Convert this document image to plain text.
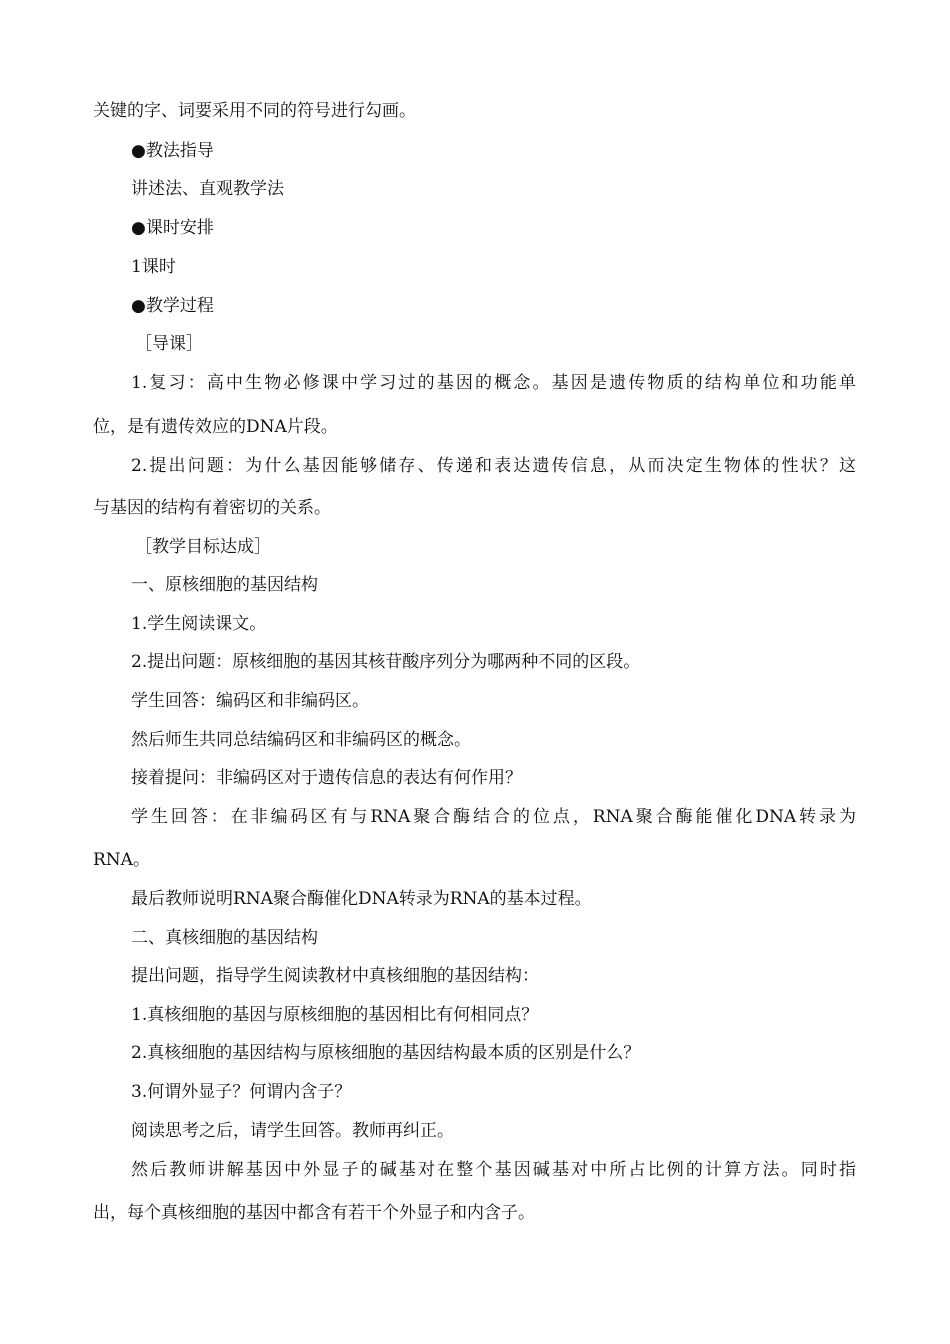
关键的字、词要采用不同的符号进行勾画。
●教法指导
讲述法、直观教学法
●课时安排
1课时
●教学过程
［导课］
1.复习：高中生物必修课中学习过的基因的概念。基因是遗传物质的结构单位和功能单
位，是有遗传效应的DNA片段。
2.提出问题：为什么基因能够储存、传递和表达遗传信息，从而决定生物体的性状？这
与基因的结构有着密切的关系。
［教学目标达成］
一、原核细胞的基因结构
1.学生阅读课文。
2.提出问题：原核细胞的基因其核苷酸序列分为哪两种不同的区段。
学生回答：编码区和非编码区。
然后师生共同总结编码区和非编码区的概念。
接着提问：非编码区对于遗传信息的表达有何作用？
学生回答：在非编码区有与RNA聚合酶结合的位点，RNA聚合酶能催化DNA转录为
RNA。
最后教师说明RNA聚合酶催化DNA转录为RNA的基本过程。
二、真核细胞的基因结构
提出问题，指导学生阅读教材中真核细胞的基因结构：
1.真核细胞的基因与原核细胞的基因相比有何相同点？
2.真核细胞的基因结构与原核细胞的基因结构最本质的区别是什么？
3.何谓外显子？何谓内含子？
阅读思考之后，请学生回答。教师再纠正。
然后教师讲解基因中外显子的碱基对在整个基因碱基对中所占比例的计算方法。同时指
出，每个真核细胞的基因中都含有若干个外显子和内含子。
